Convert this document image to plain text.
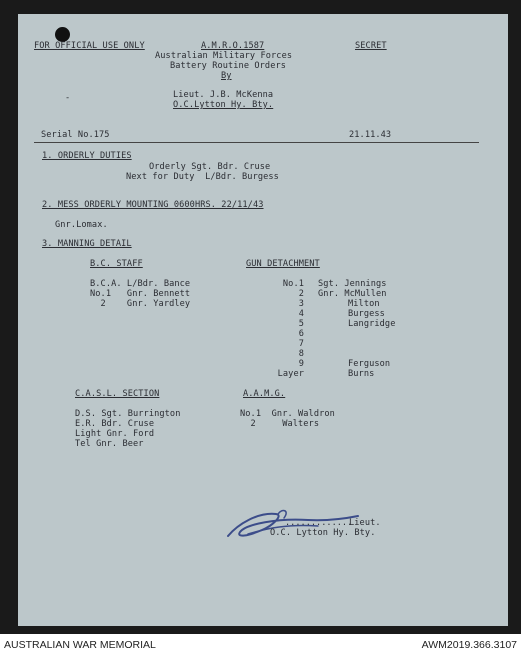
FOR OFFICIAL USE ONLY	A.M.R.O.1587	SECRET
Australian Military Forces
Battery Routine Orders
By
-	Lieut. J.B. McKenna
O.C.Lytton Hy. Bty.
Serial No.175	21.11.43
1. ORDERLY DUTIES
Orderly Sgt. Bdr. Cruse
Next for Duty  L/Bdr. Burgess
2. MESS ORDERLY MOUNTING 0600HRS. 22/11/43
Gnr.Lomax.
3. MANNING DETAIL
B.C. STAFF
B.C.A. L/Bdr. Bance
No.1   Gnr. Bennett
2    Gnr. Yardley
GUN DETACHMENT
No.1 Sgt. Jennings
2 Gnr. McMullen
3	Milton
4	Burgess
5	Langridge
6
7
8
9	Ferguson
Layer	Burns
C.A.S.L. SECTION
D.S. Sgt. Burrington
E.R. Bdr. Cruse
Light Gnr. Ford
Tel Gnr. Beer
A.A.M.G.
No.1  Gnr. Waldron
2     Walters
.............
Lieut.
O.C. Lytton Hy. Bty.
AUSTRALIAN WAR MEMORIAL	AWM2019.366.3107
